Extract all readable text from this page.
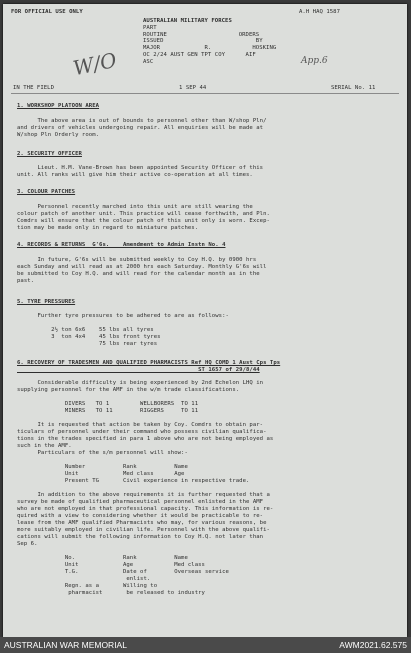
FOR OFFICIAL USE ONLY	A.H HAQ 1587
W/O	App.6
AUSTRALIAN MILITARY FORCES
PART
ROUTINE                     ORDERS
ISSUED                           BY
MAJOR             R.            HOSKING
OC 2/24 AUST GEN TPT COY      AIF
ASC
IN THE FIELD	1 SEP 44	SERIAL No. 11
1. WORKSHOP PLATOON AREA
The above area is out of bounds to personnel other than W/shop Pln/
and drivers of vehicles undergoing repair. All enquiries will be made at
W/shop Pln Orderly room.
2. SECURITY OFFICER
Lieut. H.M. Vane-Brown has been appointed Security Officer of this
unit. All ranks will give him their active co-operation at all times.
3. COLOUR PATCHES
Personnel recently marched into this unit are still wearing the
colour patch of another unit. This practice will cease forthwith, and Pln.
Comdrs will ensure that the colour patch of this unit only is worn. Excep-
tion may be made only in regard to miniature patches.
4. RECORDS & RETURNS  G'6s.    Amendment to Admin Instn No. 4
In future, G'6s will be submitted weekly to Coy H.Q. by 0900 hrs
each Sunday and will read as at 2000 hrs each Saturday. Monthly G'6s will
be submitted to Coy H.Q. and will read for the calendar month as in the
past.
5. TYRE PRESSURES
Further tyre pressures to be adhered to are as follows:-

2½ ton 6x6    55 lbs all tyres
3  ton 4x4    45 lbs front tyres
75 lbs rear tyres
6. RECOVERY OF TRADESMEN AND QUALIFIED PHARMACISTS Ref HQ COMD 1 Aust Cps Tps
ST 1657 of 29/8/44
Considerable difficulty is being experienced by 2nd Echelon LHQ in
supplying personnel for the AMF in the w/m trade classifications.

DIVERS   TO 1         WELLBORERS  TO 11
MINERS   TO 11        RIGGERS     TO 11

It is requested that action be taken by Coy. Comdrs to obtain par-
ticulars of personnel under their command who possess civilian qualifica-
tions in the trades specified in para 1 above who are not being employed as
such in the AMF.
Particulars of the s/m personnel will show:-

Number           Rank           Name
Unit             Med class      Age
Present TG       Civil experience in respective trade.

In addition to the above requirements it is further requested that a
survey be made of qualified pharmaceutical personnel enlisted in the AMF
who are not employed in that professional capacity. This information is re-
quired with a view to considering whether it would be practicable to re-
lease from the AMF qualified Pharmacists who may, for various reasons, be
more suitably employed in civilian life. Personnel with the above qualifi-
cations will submit the following information to Coy H.Q. not later than
Sep 6.

No.              Rank           Name
Unit             Age            Med class
T.G.             Date of        Overseas service
enlist.
Regn. as a       Willing to
pharmacist       be released to industry
AUSTRALIAN WAR MEMORIAL	AWM2021.62.575
